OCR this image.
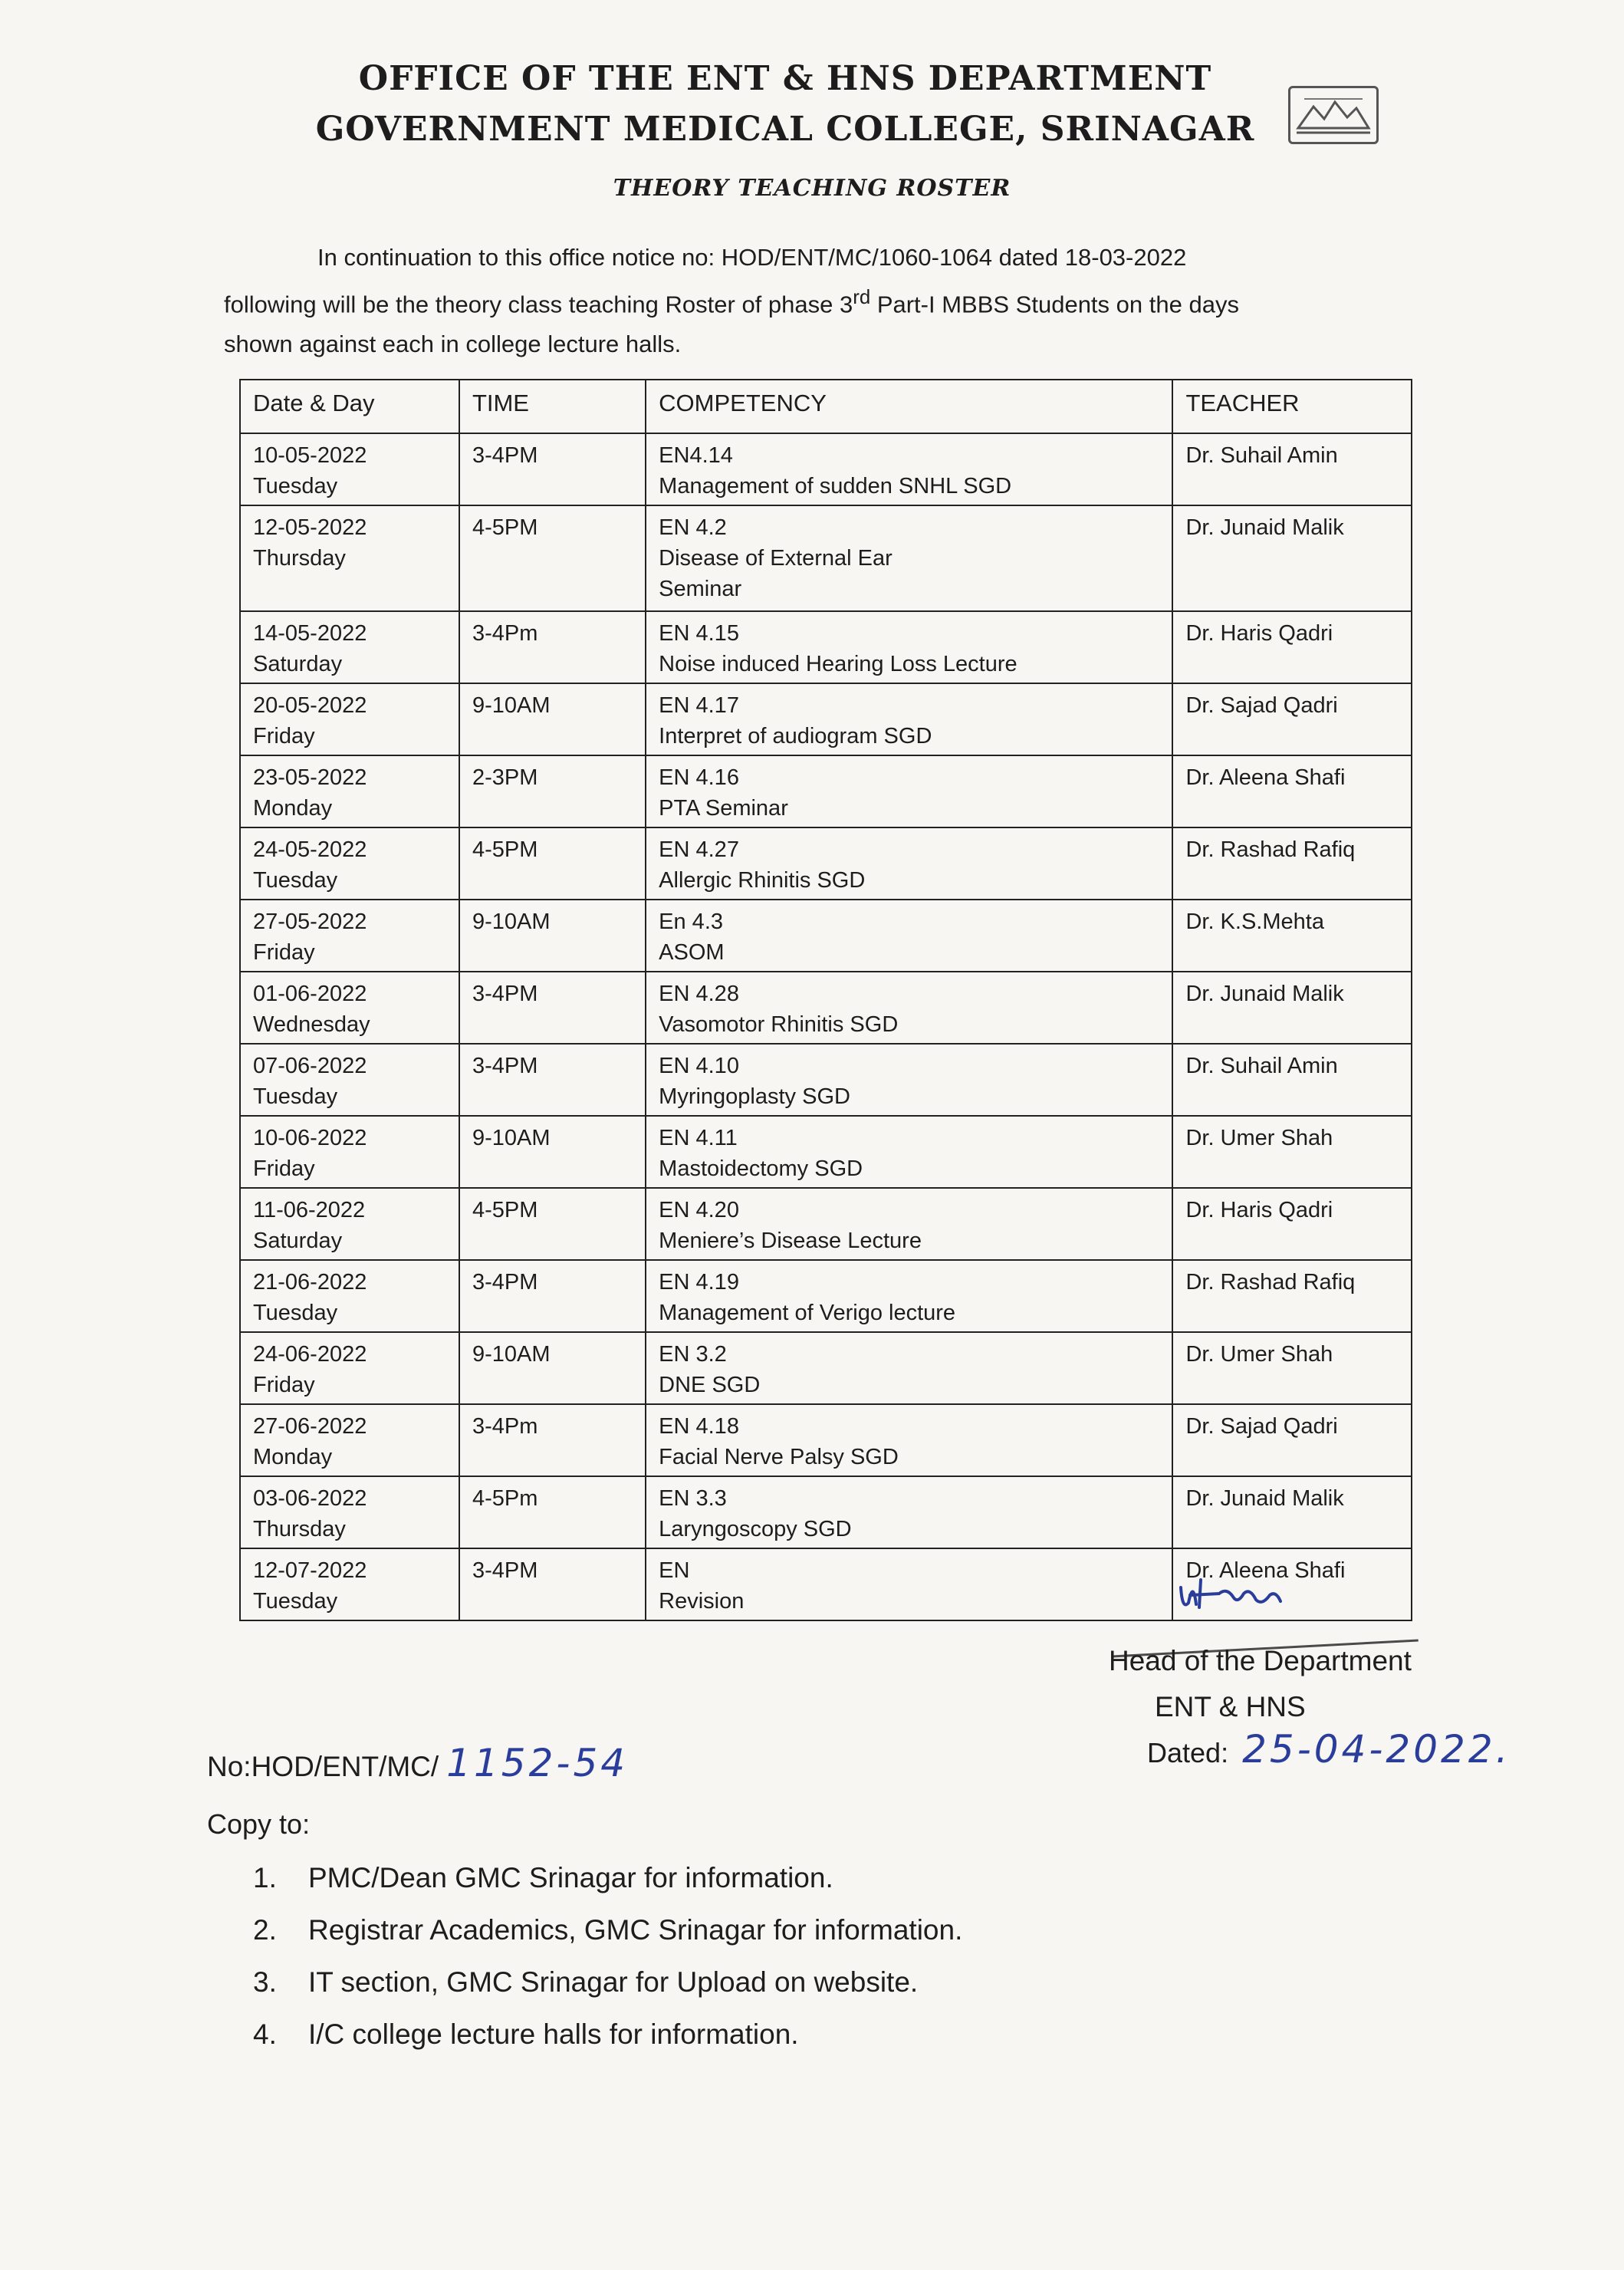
OFFICE OF THE ENT & HNS DEPARTMENT
GOVERNMENT MEDICAL COLLEGE, SRINAGAR
THEORY TEACHING ROSTER
In continuation to this office notice no: HOD/ENT/MC/1060-1064 dated 18-03-2022
following will be the theory class teaching Roster of phase 3rd Part-I MBBS Students on the days
shown against each in college lecture halls.
Date & Day	TIME	COMPETENCY	TEACHER

10-05-2022
Tuesday	3-4PM	EN4.14
Management of sudden SNHL SGD	Dr. Suhail Amin

12-05-2022
Thursday	4-5PM	EN 4.2
Disease of External Ear
Seminar	Dr. Junaid Malik

14-05-2022
Saturday	3-4Pm	EN 4.15
Noise induced Hearing Loss Lecture	Dr. Haris Qadri

20-05-2022
Friday	9-10AM	EN 4.17
Interpret of audiogram SGD	Dr. Sajad Qadri

23-05-2022
Monday	2-3PM	EN 4.16
PTA Seminar	Dr. Aleena Shafi

24-05-2022
Tuesday	4-5PM	EN 4.27
Allergic Rhinitis SGD	Dr. Rashad Rafiq

27-05-2022
Friday	9-10AM	En 4.3
ASOM	Dr. K.S.Mehta

01-06-2022
Wednesday	3-4PM	EN 4.28
Vasomotor Rhinitis SGD	Dr. Junaid Malik

07-06-2022
Tuesday	3-4PM	EN 4.10
Myringoplasty SGD	Dr. Suhail Amin

10-06-2022
Friday	9-10AM	EN 4.11
Mastoidectomy SGD	Dr. Umer Shah

11-06-2022
Saturday	4-5PM	EN 4.20
Meniere’s Disease Lecture	Dr. Haris Qadri

21-06-2022
Tuesday	3-4PM	EN 4.19
Management of Verigo lecture	Dr. Rashad Rafiq

24-06-2022
Friday	9-10AM	EN 3.2
DNE SGD	Dr. Umer Shah

27-06-2022
Monday	3-4Pm	EN 4.18
Facial Nerve Palsy SGD	Dr. Sajad Qadri

03-06-2022
Thursday	4-5Pm	EN 3.3
Laryngoscopy SGD	Dr. Junaid Malik

12-07-2022
Tuesday	3-4PM	EN
Revision	Dr. Aleena Shafi
Head of the Department
ENT & HNS
Dated: 25-04-2022.
No:HOD/ENT/MC/ 1152-54
Copy to:
1. PMC/Dean GMC Srinagar for information.
2. Registrar Academics, GMC Srinagar for information.
3. IT section, GMC Srinagar for Upload on website.
4. I/C college lecture halls for information.
